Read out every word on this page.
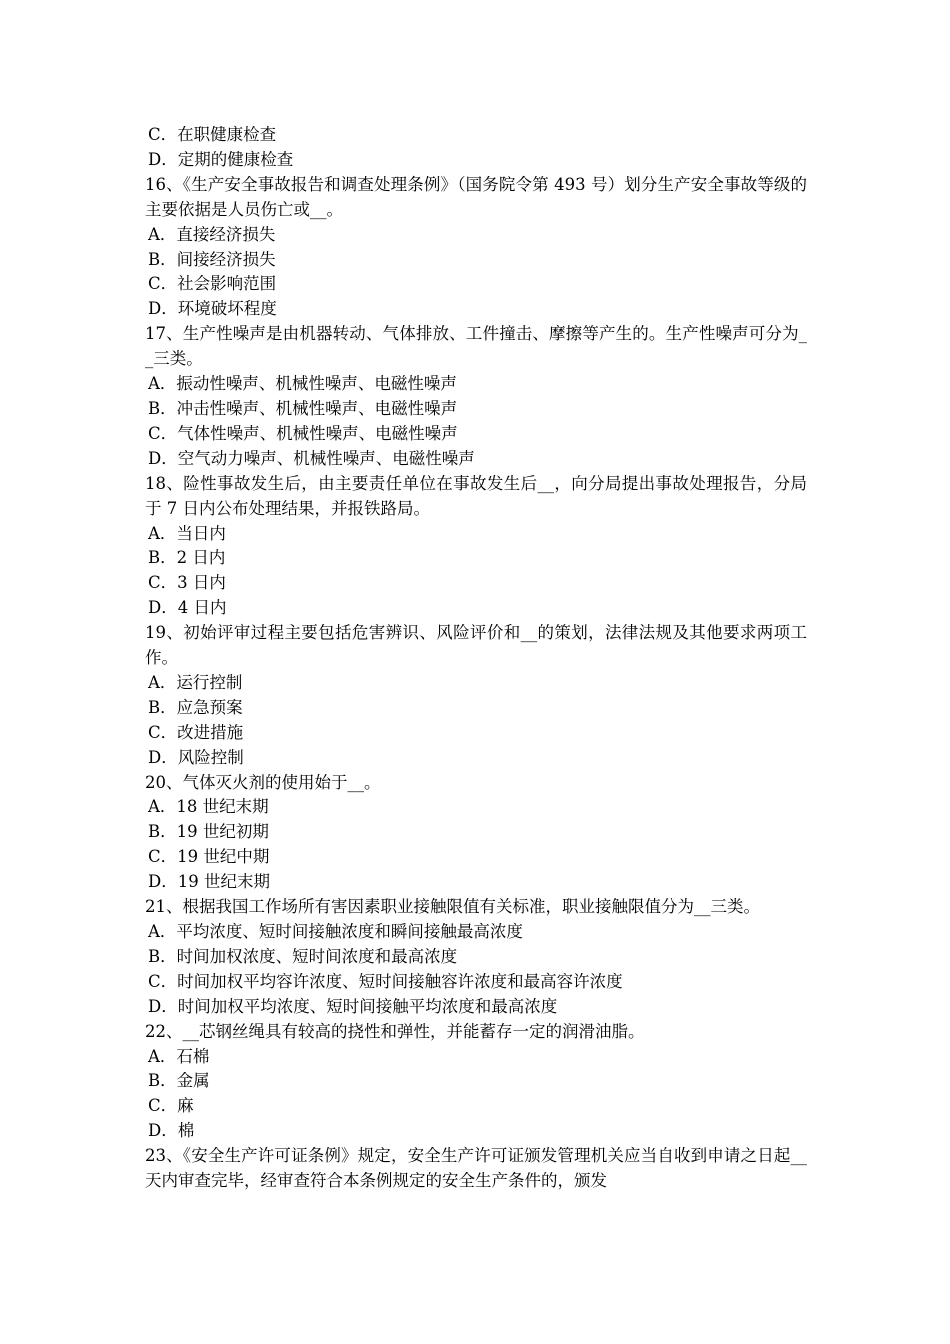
C．在职健康检查
D．定期的健康检查

16、《生产安全事故报告和调查处理条例》（国务院令第 493 号）划分生产安全事故等级的主要依据是人员伤亡或__。

A．直接经济损失
B．间接经济损失
C．社会影响范围
D．环境破坏程度

17、生产性噪声是由机器转动、气体排放、工件撞击、摩擦等产生的。生产性噪声可分为__三类。

A．振动性噪声、机械性噪声、电磁性噪声
B．冲击性噪声、机械性噪声、电磁性噪声
C．气体性噪声、机械性噪声、电磁性噪声
D．空气动力噪声、机械性噪声、电磁性噪声

18、险性事故发生后，由主要责任单位在事故发生后__，向分局提出事故处理报告，分局于 7 日内公布处理结果，并报铁路局。

A．当日内
B．2 日内
C．3 日内
D．4 日内

19、初始评审过程主要包括危害辨识、风险评价和__的策划，法律法规及其他要求两项工作。

A．运行控制
B．应急预案
C．改进措施
D．风险控制

20、气体灭火剂的使用始于__。

A．18 世纪末期
B．19 世纪初期
C．19 世纪中期
D．19 世纪末期

21、根据我国工作场所有害因素职业接触限值有关标准，职业接触限值分为__三类。

A．平均浓度、短时间接触浓度和瞬间接触最高浓度
B．时间加权浓度、短时间浓度和最高浓度
C．时间加权平均容许浓度、短时间接触容许浓度和最高容许浓度
D．时间加权平均浓度、短时间接触平均浓度和最高浓度

22、__芯钢丝绳具有较高的挠性和弹性，并能蓄存一定的润滑油脂。

A．石棉
B．金属
C．麻
D．棉

23、《安全生产许可证条例》规定，安全生产许可证颁发管理机关应当自收到申请之日起__天内审查完毕，经审查符合本条例规定的安全生产条件的，颁发
